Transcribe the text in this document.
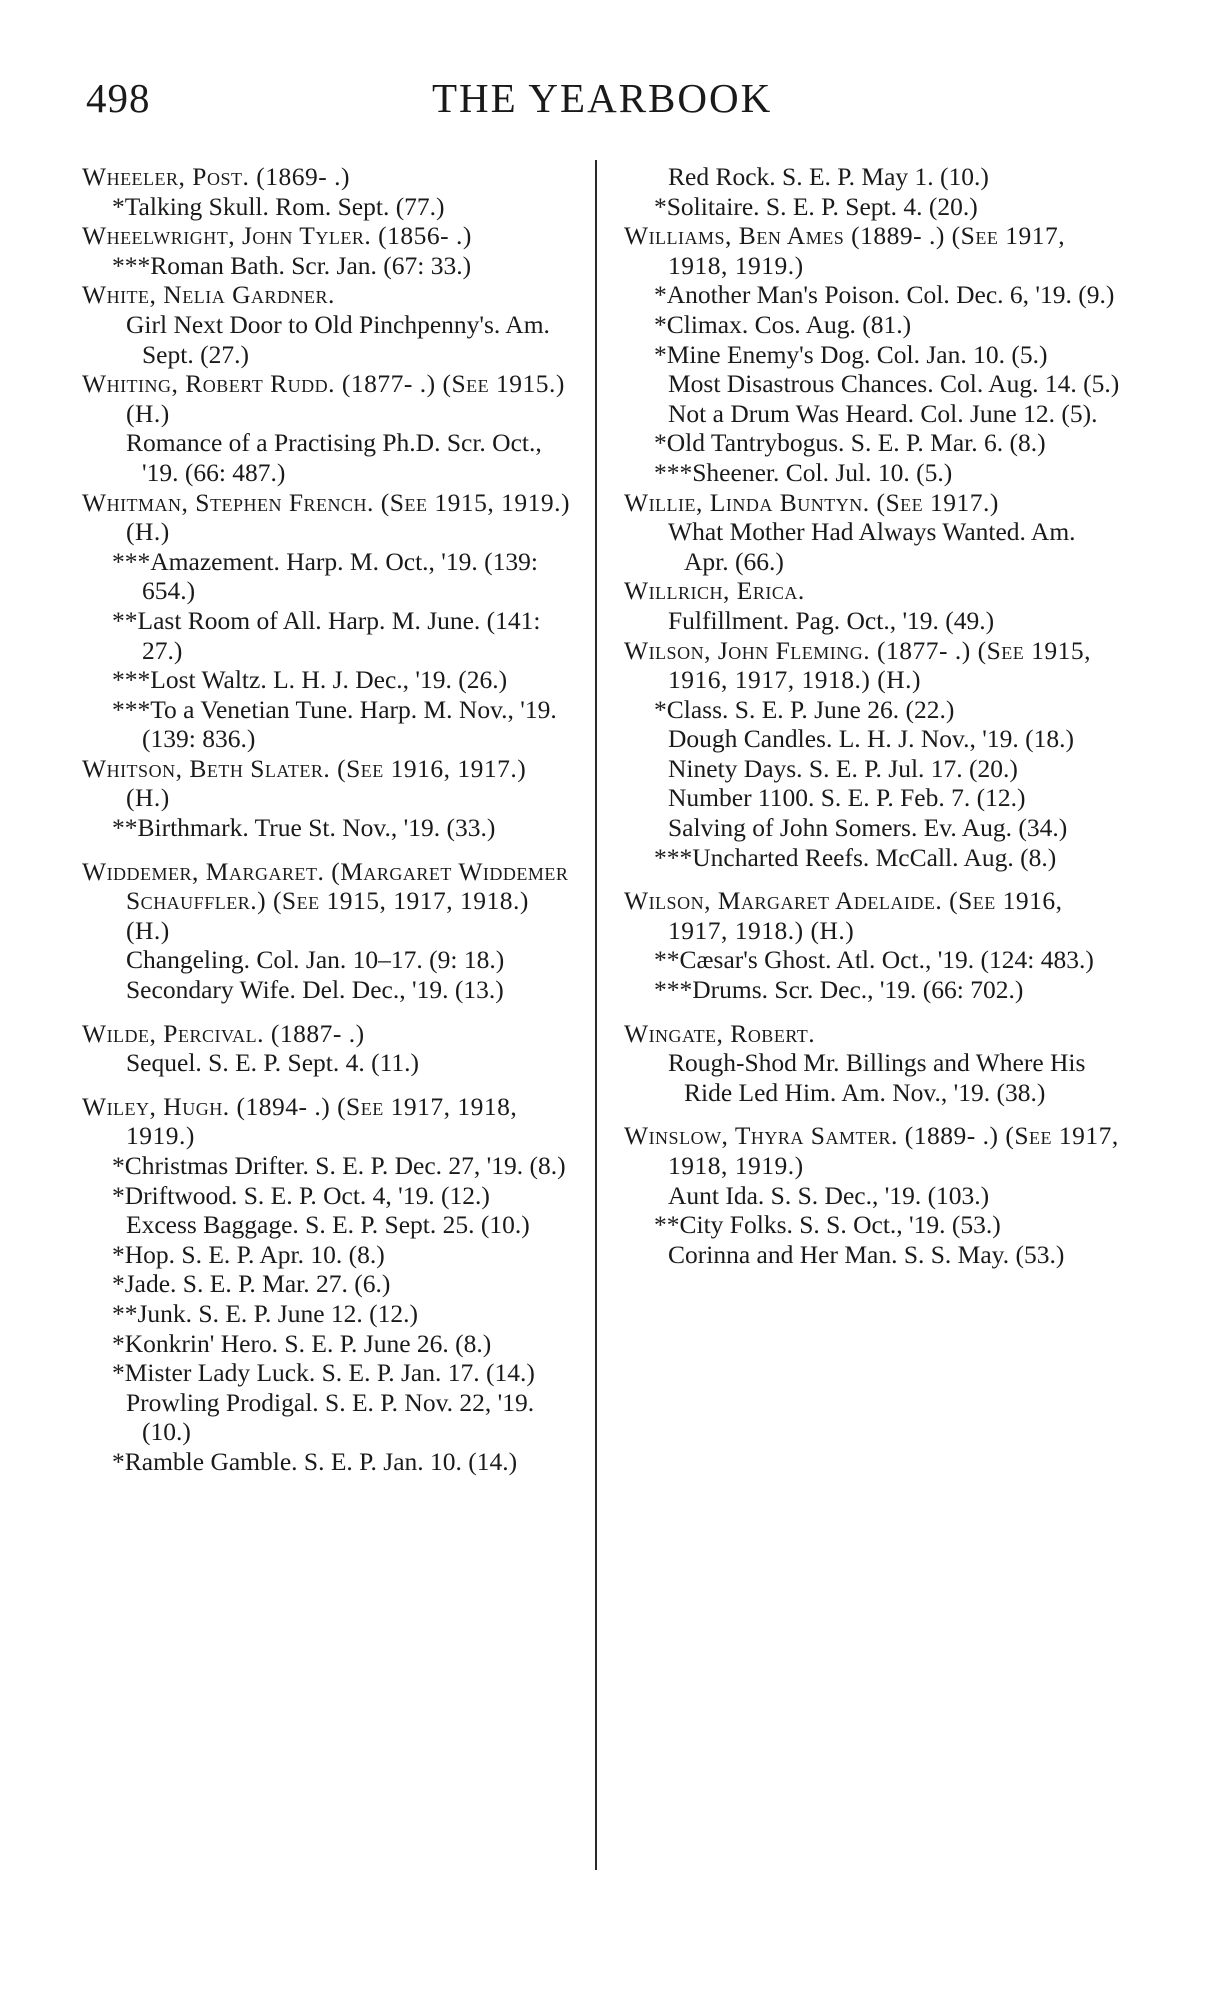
498	THE YEARBOOK
Wheeler, Post. (1869- .)
*Talking Skull. Rom. Sept. (77.)
Wheelwright, John Tyler. (1856- .)
***Roman Bath. Scr. Jan. (67: 33.)
White, Nelia Gardner.
Girl Next Door to Old Pinchpenny's. Am. Sept. (27.)
Whiting, Robert Rudd. (1877- .) (See 1915.) (H.)
Romance of a Practising Ph.D. Scr. Oct., '19. (66: 487.)
Whitman, Stephen French. (See 1915, 1919.) (H.)
***Amazement. Harp. M. Oct., '19. (139: 654.)
**Last Room of All. Harp. M. June. (141: 27.)
***Lost Waltz. L. H. J. Dec., '19. (26.)
***To a Venetian Tune. Harp. M. Nov., '19. (139: 836.)
Whitson, Beth Slater. (See 1916, 1917.) (H.)
**Birthmark. True St. Nov., '19. (33.)
Widdemer, Margaret. (Margaret Widdemer Schauffler.) (See 1915, 1917, 1918.) (H.)
Changeling. Col. Jan. 10–17. (9: 18.)
Secondary Wife. Del. Dec., '19. (13.)
Wilde, Percival. (1887- .)
Sequel. S. E. P. Sept. 4. (11.)
Wiley, Hugh. (1894- .) (See 1917, 1918, 1919.)
*Christmas Drifter. S. E. P. Dec. 27, '19. (8.)
*Driftwood. S. E. P. Oct. 4, '19. (12.)
Excess Baggage. S. E. P. Sept. 25. (10.)
*Hop. S. E. P. Apr. 10. (8.)
*Jade. S. E. P. Mar. 27. (6.)
**Junk. S. E. P. June 12. (12.)
*Konkrin' Hero. S. E. P. June 26. (8.)
*Mister Lady Luck. S. E. P. Jan. 17. (14.)
Prowling Prodigal. S. E. P. Nov. 22, '19. (10.)
*Ramble Gamble. S. E. P. Jan. 10. (14.)
Red Rock. S. E. P. May 1. (10.)
*Solitaire. S. E. P. Sept. 4. (20.)
Williams, Ben Ames (1889- .) (See 1917, 1918, 1919.)
*Another Man's Poison. Col. Dec. 6, '19. (9.)
*Climax. Cos. Aug. (81.)
*Mine Enemy's Dog. Col. Jan. 10. (5.)
Most Disastrous Chances. Col. Aug. 14. (5.)
Not a Drum Was Heard. Col. June 12. (5).
*Old Tantrybogus. S. E. P. Mar. 6. (8.)
***Sheener. Col. Jul. 10. (5.)
Willie, Linda Buntyn. (See 1917.)
What Mother Had Always Wanted. Am. Apr. (66.)
Willrich, Erica.
Fulfillment. Pag. Oct., '19. (49.)
Wilson, John Fleming. (1877- .) (See 1915, 1916, 1917, 1918.) (H.)
*Class. S. E. P. June 26. (22.)
Dough Candles. L. H. J. Nov., '19. (18.)
Ninety Days. S. E. P. Jul. 17. (20.)
Number 1100. S. E. P. Feb. 7. (12.)
Salving of John Somers. Ev. Aug. (34.)
***Uncharted Reefs. McCall. Aug. (8.)
Wilson, Margaret Adelaide. (See 1916, 1917, 1918.) (H.)
**Cæsar's Ghost. Atl. Oct., '19. (124: 483.)
***Drums. Scr. Dec., '19. (66: 702.)
Wingate, Robert.
Rough-Shod Mr. Billings and Where His Ride Led Him. Am. Nov., '19. (38.)
Winslow, Thyra Samter. (1889- .) (See 1917, 1918, 1919.)
Aunt Ida. S. S. Dec., '19. (103.)
**City Folks. S. S. Oct., '19. (53.)
Corinna and Her Man. S. S. May. (53.)
